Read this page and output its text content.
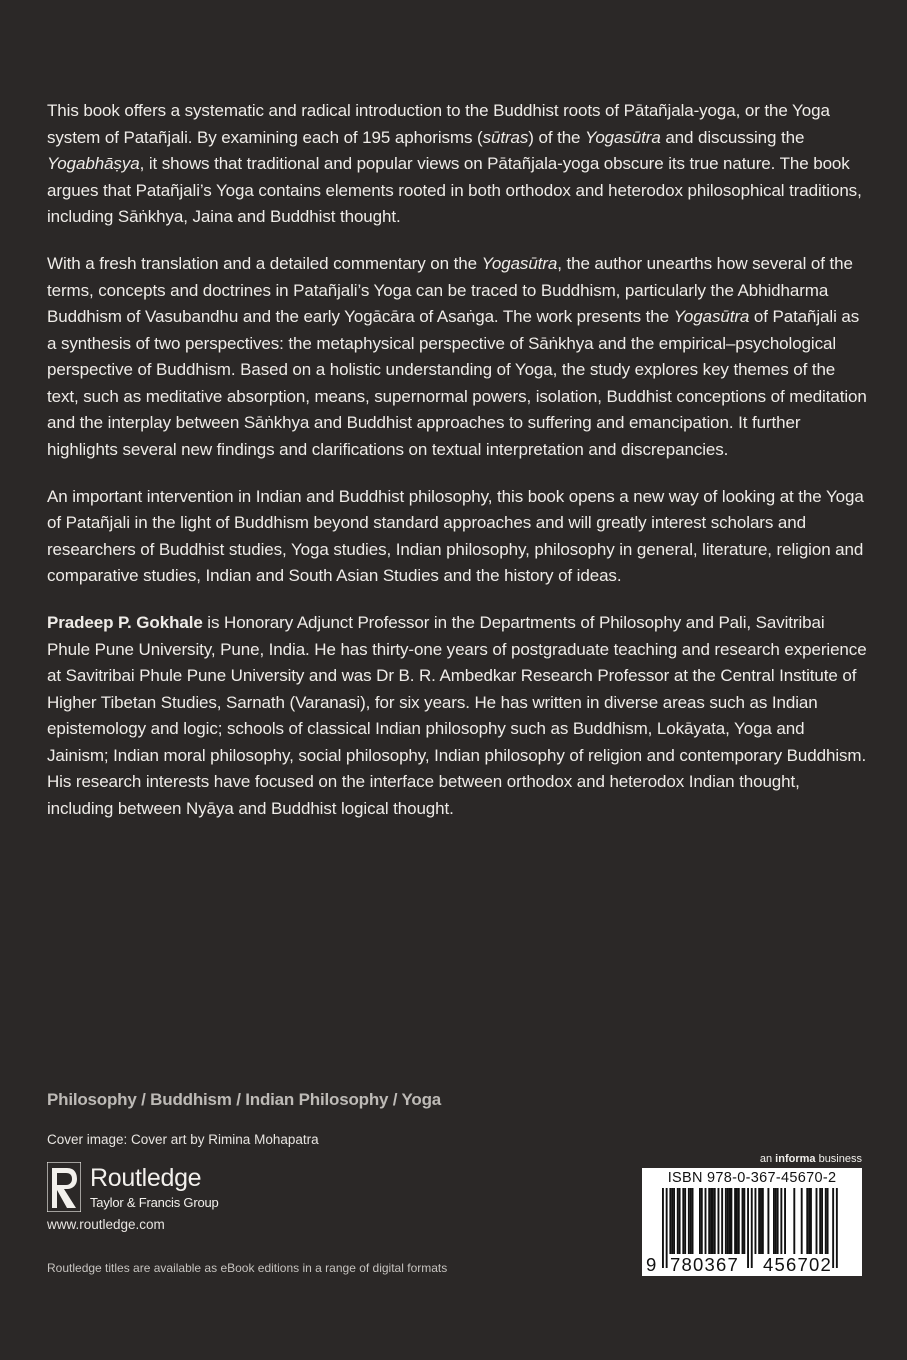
This book offers a systematic and radical introduction to the Buddhist roots of Pātañjala-yoga, or the Yoga system of Patañjali. By examining each of 195 aphorisms (sūtras) of the Yogasūtra and discussing the Yogabhāṣya, it shows that traditional and popular views on Pātañjala-yoga obscure its true nature. The book argues that Patañjali’s Yoga contains elements rooted in both orthodox and heterodox philosophical traditions, including Sāṅkhya, Jaina and Buddhist thought.

With a fresh translation and a detailed commentary on the Yogasūtra, the author unearths how several of the terms, concepts and doctrines in Patañjali’s Yoga can be traced to Buddhism, particularly the Abhidharma Buddhism of Vasubandhu and the early Yogācāra of Asaṅga. The work presents the Yogasūtra of Patañjali as a synthesis of two perspectives: the metaphysical perspective of Sāṅkhya and the empirical–psychological perspective of Buddhism. Based on a holistic understanding of Yoga, the study explores key themes of the text, such as meditative absorption, means, supernormal powers, isolation, Buddhist conceptions of meditation and the interplay between Sāṅkhya and Buddhist approaches to suffering and emancipation. It further highlights several new findings and clarifications on textual interpretation and discrepancies.

An important intervention in Indian and Buddhist philosophy, this book opens a new way of looking at the Yoga of Patañjali in the light of Buddhism beyond standard approaches and will greatly interest scholars and researchers of Buddhist studies, Yoga studies, Indian philosophy, philosophy in general, literature, religion and comparative studies, Indian and South Asian Studies and the history of ideas.

Pradeep P. Gokhale is Honorary Adjunct Professor in the Departments of Philosophy and Pali, Savitribai Phule Pune University, Pune, India. He has thirty-one years of postgraduate teaching and research experience at Savitribai Phule Pune University and was Dr B. R. Ambedkar Research Professor at the Central Institute of Higher Tibetan Studies, Sarnath (Varanasi), for six years. He has written in diverse areas such as Indian epistemology and logic; schools of classical Indian philosophy such as Buddhism, Lokāyata, Yoga and Jainism; Indian moral philosophy, social philosophy, Indian philosophy of religion and contemporary Buddhism. His research interests have focused on the interface between orthodox and heterodox Indian thought, including between Nyāya and Buddhist logical thought.

Philosophy / Buddhism / Indian Philosophy / Yoga
Cover image: Cover art by Rimina Mohapatra
Routledge
Taylor & Francis Group
www.routledge.com
Routledge titles are available as eBook editions in a range of digital formats
an informa business
ISBN 978-0-367-45670-2
9 780367 456702
